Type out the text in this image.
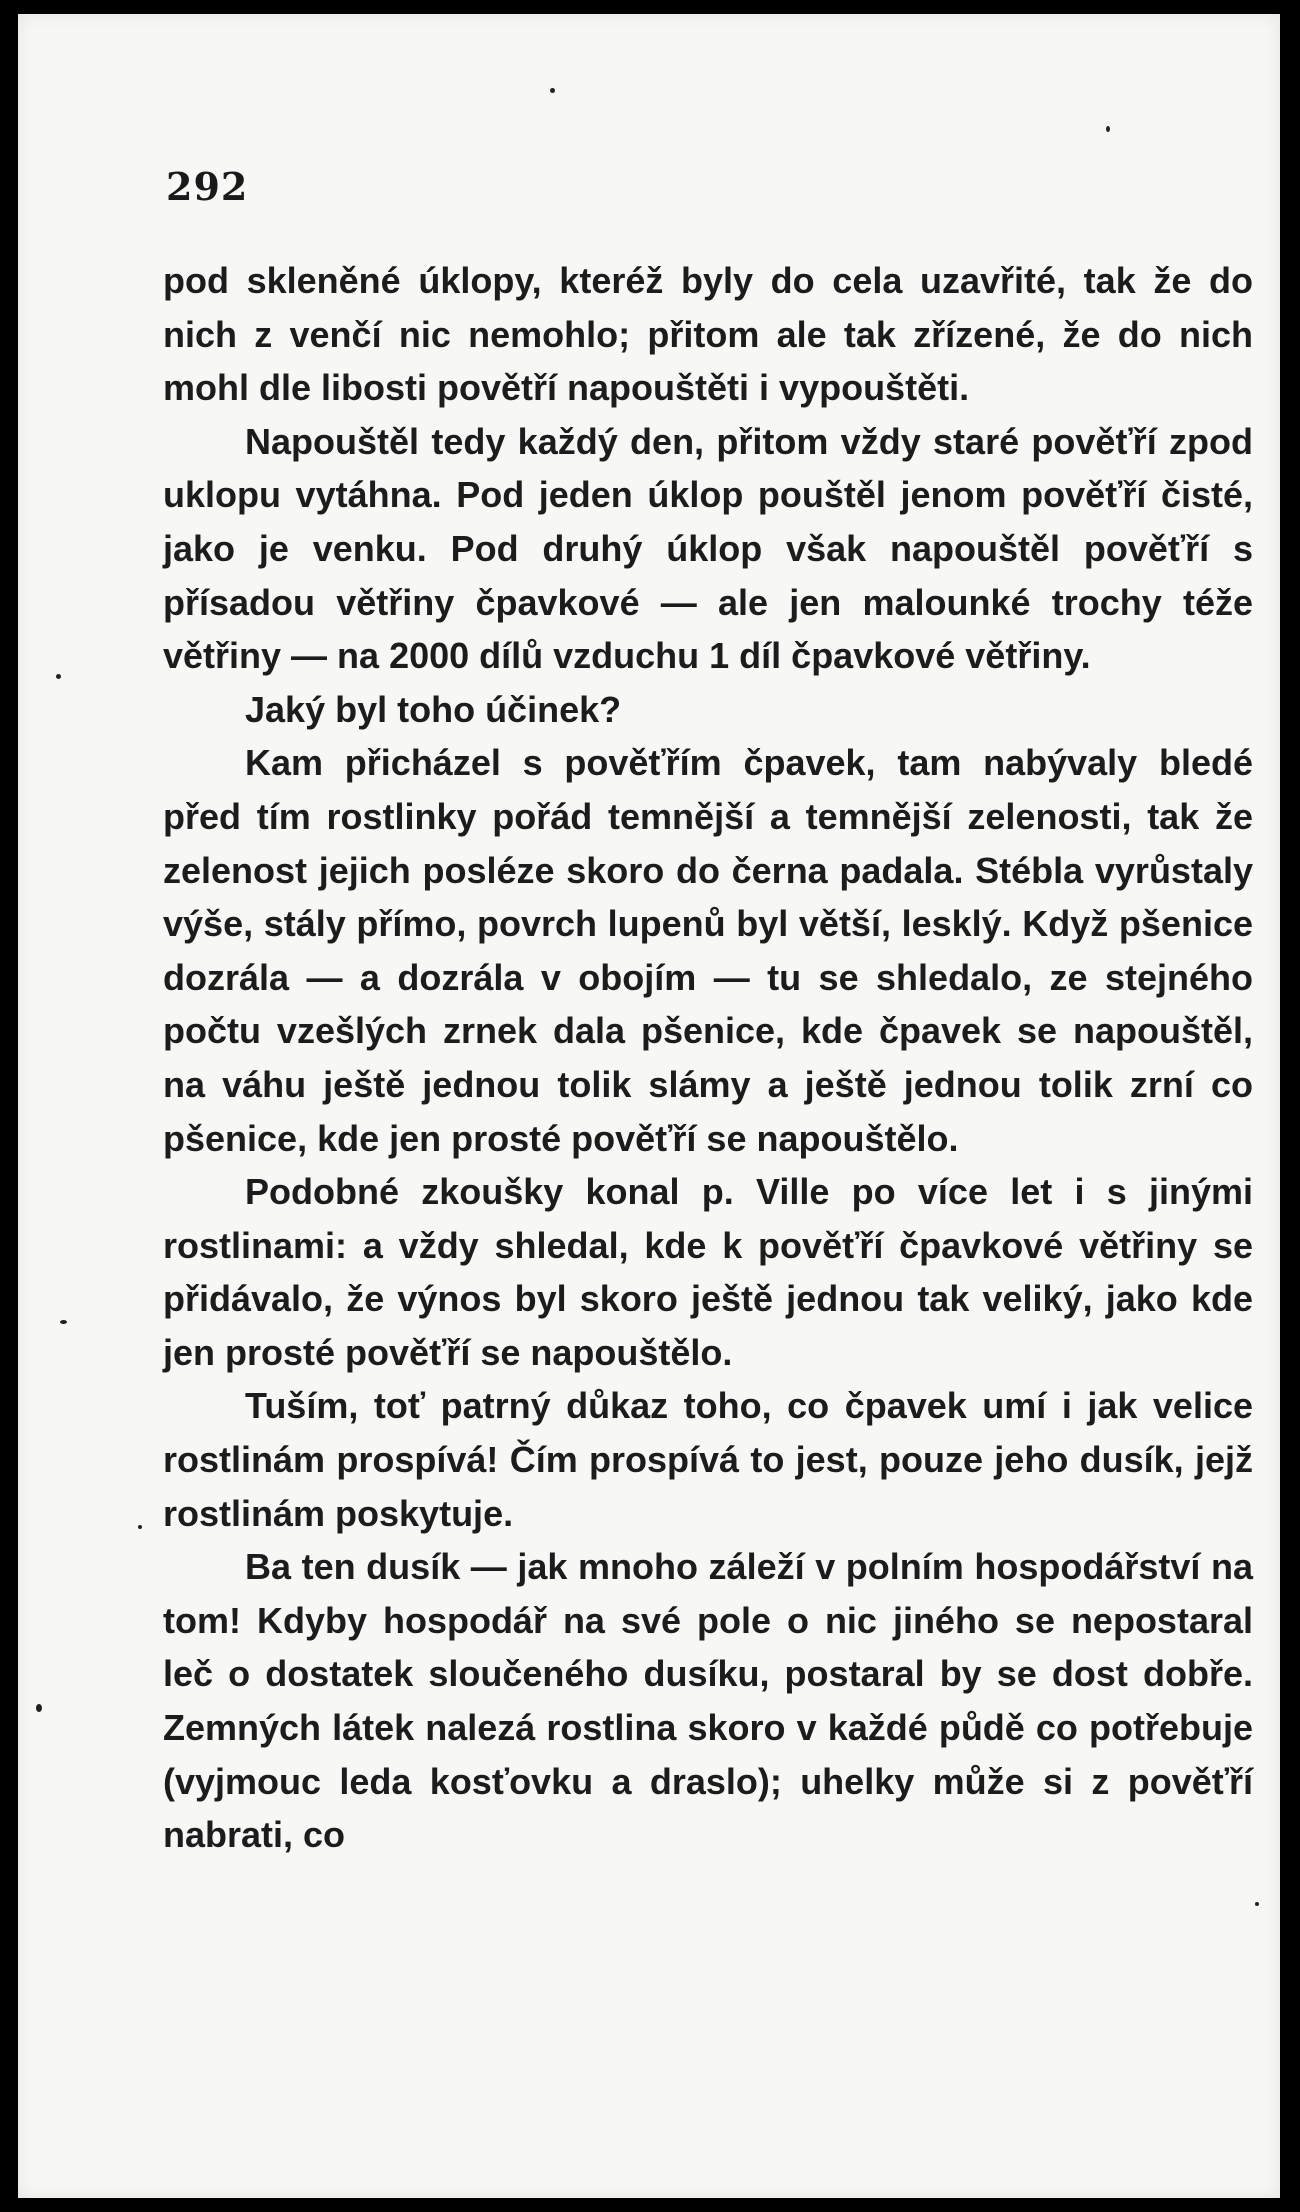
292

pod skleněné úklopy, kteréž byly do cela uzavřité, tak že do nich z venčí nic nemohlo; přitom ale tak zřízené, že do nich mohl dle libosti povětří napouštěti i vypouštěti.

Napouštěl tedy každý den, přitom vždy staré pověťří zpod uklopu vytáhna. Pod jeden úklop pouštěl jenom pověťří čisté, jako je venku. Pod druhý úklop však napouštěl pověťří s přísadou větřiny čpavkové — ale jen malounké trochy téže větřiny — na 2000 dílů vzduchu 1 díl čpavkové větřiny.

Jaký byl toho účinek?

Kam přicházel s pověťřím čpavek, tam nabývaly bledé před tím rostlinky pořád temnější a temnější zelenosti, tak že zelenost jejich posléze skoro do černa padala. Stébla vyrůstaly výše, stály přímo, povrch lupenů byl větší, lesklý. Když pšenice dozrála — a dozrála v obojím — tu se shledalo, ze stejného počtu vzešlých zrnek dala pšenice, kde čpavek se napouštěl, na váhu ještě jednou tolik slámy a ještě jednou tolik zrní co pšenice, kde jen prosté pověťří se napouštělo.

Podobné zkoušky konal p. Ville po více let i s jinými rostlinami: a vždy shledal, kde k pověťří čpavkové větřiny se přidávalo, že výnos byl skoro ještě jednou tak veliký, jako kde jen prosté pověťří se napouštělo.

Tuším, toť patrný důkaz toho, co čpavek umí i jak velice rostlinám prospívá! Čím prospívá to jest, pouze jeho dusík, jejž rostlinám poskytuje.

Ba ten dusík — jak mnoho záleží v polním hospodářství na tom! Kdyby hospodář na své pole o nic jiného se nepostaral leč o dostatek sloučeného dusíku, postaral by se dost dobře. Zemných látek nalezá rostlina skoro v každé půdě co potřebuje (vyjmouc leda kosťovku a draslo); uhelky může si z pověťří nabrati, co
